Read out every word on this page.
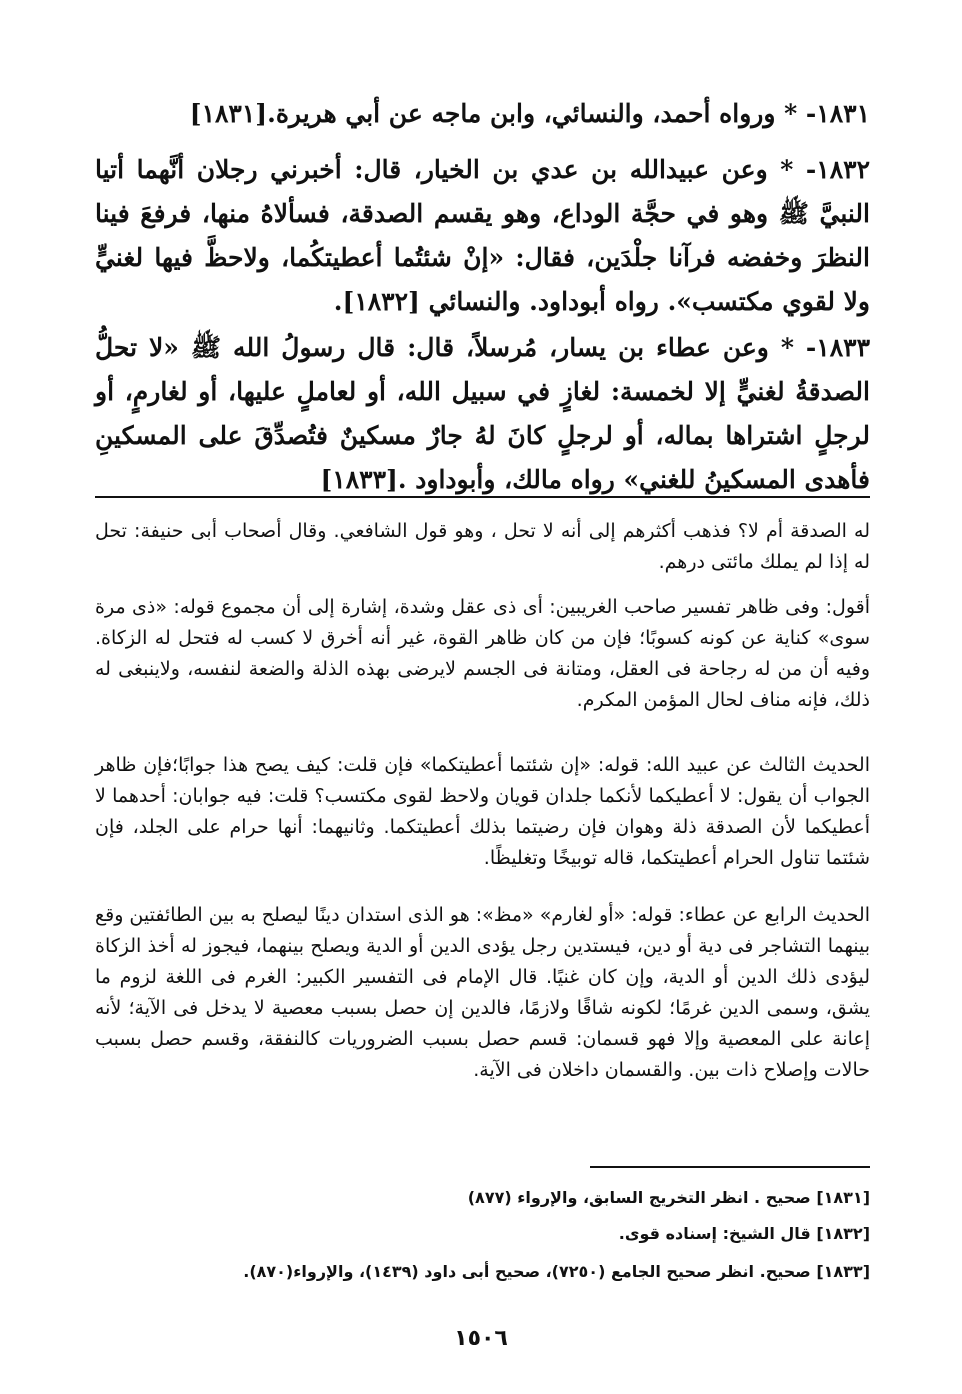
١٨٣١- * ورواه أحمد، والنسائي، وابن ماجه عن أبي هريرة.[١٨٣١]

١٨٣٢- * وعن عبيدالله بن عدي بن الخيار، قال: أخبرني رجلان أنَّهما أتيا النبيَّ ﷺ وهو في حجَّة الوداع، وهو يقسم الصدقة، فسألاهُ منها، فرفعَ فينا النظرَ وخفضه فرآنا جلْدَين، فقال: «إنْ شئتُما أعطيتكُما، ولاحظَّ فيها لغنيٍّ ولا لقوي مكتسب». رواه أبوداود. والنسائي [١٨٣٢].

١٨٣٣- * وعن عطاء بن يسار، مُرسلاً، قال: قال رسولُ الله ﷺ «لا تحلُّ الصدقةُ لغنيٍّ إلا لخمسة: لغازٍ في سبيل الله، أو لعاملٍ عليها، أو لغارمٍ، أو لرجلٍ اشتراها بماله، أو لرجلٍ كانَ لهُ جارٌ مسكينٌ فتُصدِّقَ على المسكينِ فأهدى المسكينُ للغني» رواه مالك، وأبوداود .[١٨٣٣]

له الصدقة أم لا؟ فذهب أكثرهم إلى أنه لا تحل ، وهو قول الشافعي. وقال أصحاب أبى حنيفة: تحل له إذا لم يملك مائتى درهم.

أقول: وفى ظاهر تفسير صاحب الغريبين: أى ذى عقل وشدة، إشارة إلى أن مجموع قوله: «ذى مرة سوى» كناية عن كونه كسوبًا؛ فإن من كان ظاهر القوة، غير أنه أخرق لا كسب له فتحل له الزكاة. وفيه أن من له رجاحة فى العقل، ومتانة فى الجسم لايرضى بهذه الذلة والضعة لنفسه، ولاينبغى له ذلك، فإنه مناف لحال المؤمن المكرم.

الحديث الثالث عن عبيد الله: قوله: «إن شئتما أعطيتكما» فإن قلت: كيف يصح هذا جوابًا؛فإن ظاهر الجواب أن يقول: لا أعطيكما لأنكما جلدان قويان ولاحظ لقوى مكتسب؟ قلت: فيه جوابان: أحدهما لا أعطيكما لأن الصدقة ذلة وهوان فإن رضيتما بذلك أعطيتكما. وثانيهما: أنها حرام على الجلد، فإن شئتما تناول الحرام أعطيتكما، قاله توبيخًا وتغليظًا.

الحديث الرابع عن عطاء: قوله: «أو لغارم» «مظ»: هو الذى استدان دينًا ليصلح به بين الطائفتين وقع بينهما التشاجر فى دية أو دين، فيستدين رجل يؤدى الدين أو الدية ويصلح بينهما، فيجوز له أخذ الزكاة ليؤدى ذلك الدين أو الدية، وإن كان غنيًا. قال الإمام فى التفسير الكبير: الغرم فى اللغة لزوم ما يشق، وسمى الدين غرمًا؛ لكونه شاقًا ولازمًا، فالدين إن حصل بسبب معصية لا يدخل فى الآية؛ لأنه إعانة على المعصية وإلا فهو قسمان: قسم حصل بسبب الضروريات كالنفقة، وقسم حصل بسبب حالات وإصلاح ذات بين. والقسمان داخلان فى الآية.

[١٨٣١] صحيح . انظر التخريج السابق، والإرواء (٨٧٧)

[١٨٣٢] قال الشيخ: إسناده قوى.

[١٨٣٣] صحيح. انظر صحيح الجامع (٧٢٥٠)، صحيح أبى داود (١٤٣٩)، والإرواء(٨٧٠).

١٥٠٦
